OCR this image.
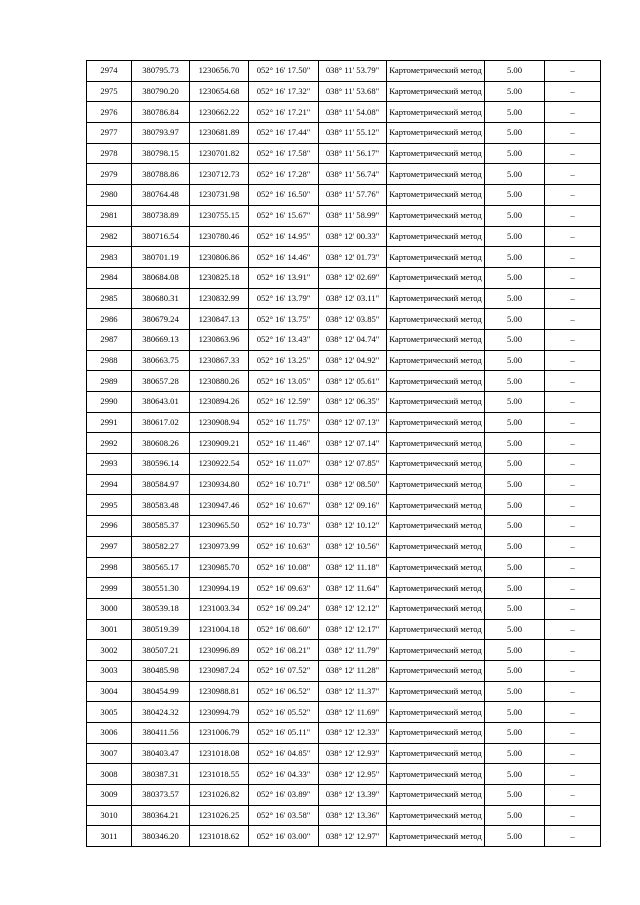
2974	380795.73	1230656.70	052° 16' 17.50"	038° 11' 53.79"	Картометрический метод	5.00	–
2975	380790.20	1230654.68	052° 16' 17.32"	038° 11' 53.68"	Картометрический метод	5.00	–
2976	380786.84	1230662.22	052° 16' 17.21"	038° 11' 54.08"	Картометрический метод	5.00	–
2977	380793.97	1230681.89	052° 16' 17.44"	038° 11' 55.12"	Картометрический метод	5.00	–
2978	380798.15	1230701.82	052° 16' 17.58"	038° 11' 56.17"	Картометрический метод	5.00	–
2979	380788.86	1230712.73	052° 16' 17.28"	038° 11' 56.74"	Картометрический метод	5.00	–
2980	380764.48	1230731.98	052° 16' 16.50"	038° 11' 57.76"	Картометрический метод	5.00	–
2981	380738.89	1230755.15	052° 16' 15.67"	038° 11' 58.99"	Картометрический метод	5.00	–
2982	380716.54	1230780.46	052° 16' 14.95"	038° 12' 00.33"	Картометрический метод	5.00	–
2983	380701.19	1230806.86	052° 16' 14.46"	038° 12' 01.73"	Картометрический метод	5.00	–
2984	380684.08	1230825.18	052° 16' 13.91"	038° 12' 02.69"	Картометрический метод	5.00	–
2985	380680.31	1230832.99	052° 16' 13.79"	038° 12' 03.11"	Картометрический метод	5.00	–
2986	380679.24	1230847.13	052° 16' 13.75"	038° 12' 03.85"	Картометрический метод	5.00	–
2987	380669.13	1230863.96	052° 16' 13.43"	038° 12' 04.74"	Картометрический метод	5.00	–
2988	380663.75	1230867.33	052° 16' 13.25"	038° 12' 04.92"	Картометрический метод	5.00	–
2989	380657.28	1230880.26	052° 16' 13.05"	038° 12' 05.61"	Картометрический метод	5.00	–
2990	380643.01	1230894.26	052° 16' 12.59"	038° 12' 06.35"	Картометрический метод	5.00	–
2991	380617.02	1230908.94	052° 16' 11.75"	038° 12' 07.13"	Картометрический метод	5.00	–
2992	380608.26	1230909.21	052° 16' 11.46"	038° 12' 07.14"	Картометрический метод	5.00	–
2993	380596.14	1230922.54	052° 16' 11.07"	038° 12' 07.85"	Картометрический метод	5.00	–
2994	380584.97	1230934.80	052° 16' 10.71"	038° 12' 08.50"	Картометрический метод	5.00	–
2995	380583.48	1230947.46	052° 16' 10.67"	038° 12' 09.16"	Картометрический метод	5.00	–
2996	380585.37	1230965.50	052° 16' 10.73"	038° 12' 10.12"	Картометрический метод	5.00	–
2997	380582.27	1230973.99	052° 16' 10.63"	038° 12' 10.56"	Картометрический метод	5.00	–
2998	380565.17	1230985.70	052° 16' 10.08"	038° 12' 11.18"	Картометрический метод	5.00	–
2999	380551.30	1230994.19	052° 16' 09.63"	038° 12' 11.64"	Картометрический метод	5.00	–
3000	380539.18	1231003.34	052° 16' 09.24"	038° 12' 12.12"	Картометрический метод	5.00	–
3001	380519.39	1231004.18	052° 16' 08.60"	038° 12' 12.17"	Картометрический метод	5.00	–
3002	380507.21	1230996.89	052° 16' 08.21"	038° 12' 11.79"	Картометрический метод	5.00	–
3003	380485.98	1230987.24	052° 16' 07.52"	038° 12' 11.28"	Картометрический метод	5.00	–
3004	380454.99	1230988.81	052° 16' 06.52"	038° 12' 11.37"	Картометрический метод	5.00	–
3005	380424.32	1230994.79	052° 16' 05.52"	038° 12' 11.69"	Картометрический метод	5.00	–
3006	380411.56	1231006.79	052° 16' 05.11"	038° 12' 12.33"	Картометрический метод	5.00	–
3007	380403.47	1231018.08	052° 16' 04.85"	038° 12' 12.93"	Картометрический метод	5.00	–
3008	380387.31	1231018.55	052° 16' 04.33"	038° 12' 12.95"	Картометрический метод	5.00	–
3009	380373.57	1231026.82	052° 16' 03.89"	038° 12' 13.39"	Картометрический метод	5.00	–
3010	380364.21	1231026.25	052° 16' 03.58"	038° 12' 13.36"	Картометрический метод	5.00	–
3011	380346.20	1231018.62	052° 16' 03.00"	038° 12' 12.97"	Картометрический метод	5.00	–
